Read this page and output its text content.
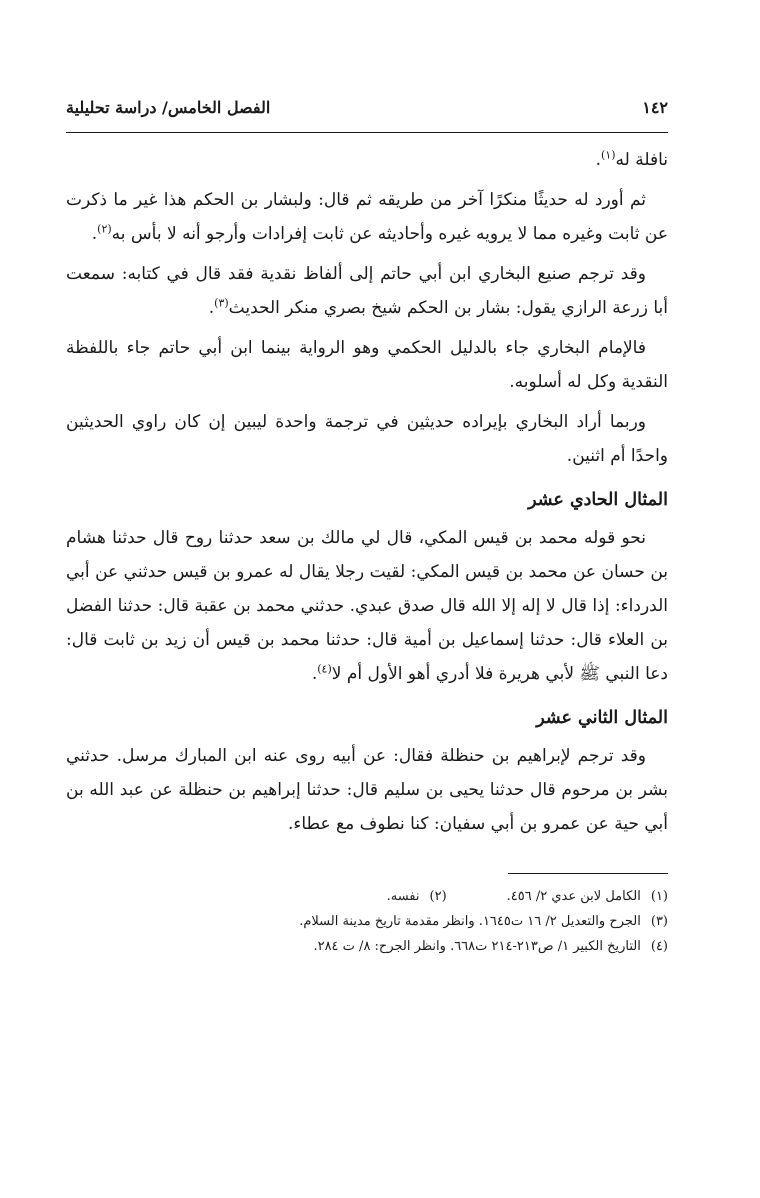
١٤٢
الفصل الخامس/ دراسة تحليلية

نافلة له$^{(١)}$.

ثم أورد له حديثًا منكرًا آخر من طريقه ثم قال: ولبشار بن الحكم هذا غير ما ذكرت عن ثابت وغيره مما لا يرويه غيره وأحاديثه عن ثابت إفرادات وأرجو أنه لا بأس به$^{(٢)}$.

وقد ترجم صنيع البخاري ابن أبي حاتم إلى ألفاظ نقدية فقد قال في كتابه: سمعت أبا زرعة الرازي يقول: بشار بن الحكم شيخ بصري منكر الحديث$^{(٣)}$.

فالإمام البخاري جاء بالدليل الحكمي وهو الرواية بينما ابن أبي حاتم جاء باللفظة النقدية وكل له أسلوبه.

وربما أراد البخاري بإيراده حديثين في ترجمة واحدة ليبين إن كان راوي الحديثين واحدًا أم اثنين.

المثال الحادي عشر

نحو قوله محمد بن قيس المكي، قال لي مالك بن سعد حدثنا روح قال حدثنا هشام بن حسان عن محمد بن قيس المكي: لقيت رجلا يقال له عمرو بن قيس حدثني عن أبي الدرداء: إذا قال لا إله إلا الله قال صدق عبدي. حدثني محمد بن عقبة قال: حدثنا الفضل بن العلاء قال: حدثنا إسماعيل بن أمية قال: حدثنا محمد بن قيس أن زيد بن ثابت قال: دعا النبي ﷺ لأبي هريرة فلا أدري أهو الأول أم لا$^{(٤)}$.

المثال الثاني عشر

وقد ترجم لإبراهيم بن حنظلة فقال: عن أبيه روى عنه ابن المبارك مرسل. حدثني بشر بن مرحوم قال حدثنا يحيى بن سليم قال: حدثنا إبراهيم بن حنظلة عن عبد الله بن أبي حية عن عمرو بن أبي سفيان: كنا نطوف مع عطاء.

(١)
الكامل لابن عدي ٢/ ٤٥٦.
(٢)
نفسه.
(٣)
الجرح والتعديل ٢/ ١٦ ت١٦٤٥. وانظر مقدمة تاريخ مدينة السلام.
(٤)
التاريخ الكبير ١/ ص٢١٣-٢١٤ ت٦٦٨. وانظر الجرح: ٨/ ت ٢٨٤.
